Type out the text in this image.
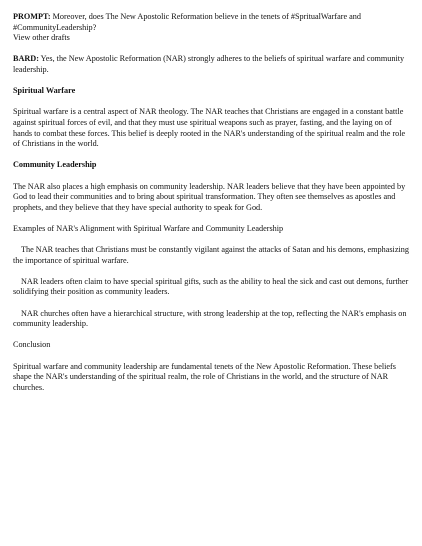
PROMPT: Moreover, does The New Apostolic Reformation believe in the tenets of #SpritualWarfare and #CommunityLeadership?

View other drafts

BARD: Yes, the New Apostolic Reformation (NAR) strongly adheres to the beliefs of spiritual warfare and community leadership.

Spiritual Warfare

Spiritual warfare is a central aspect of NAR theology. The NAR teaches that Christians are engaged in a constant battle against spiritual forces of evil, and that they must use spiritual weapons such as prayer, fasting, and the laying on of hands to combat these forces. This belief is deeply rooted in the NAR's understanding of the spiritual realm and the role of Christians in the world.

Community Leadership

The NAR also places a high emphasis on community leadership. NAR leaders believe that they have been appointed by God to lead their communities and to bring about spiritual transformation. They often see themselves as apostles and prophets, and they believe that they have special authority to speak for God.

Examples of NAR's Alignment with Spiritual Warfare and Community Leadership

The NAR teaches that Christians must be constantly vigilant against the attacks of Satan and his demons, emphasizing the importance of spiritual warfare.

NAR leaders often claim to have special spiritual gifts, such as the ability to heal the sick and cast out demons, further solidifying their position as community leaders.

NAR churches often have a hierarchical structure, with strong leadership at the top, reflecting the NAR's emphasis on community leadership.

Conclusion

Spiritual warfare and community leadership are fundamental tenets of the New Apostolic Reformation. These beliefs shape the NAR's understanding of the spiritual realm, the role of Christians in the world, and the structure of NAR churches.
